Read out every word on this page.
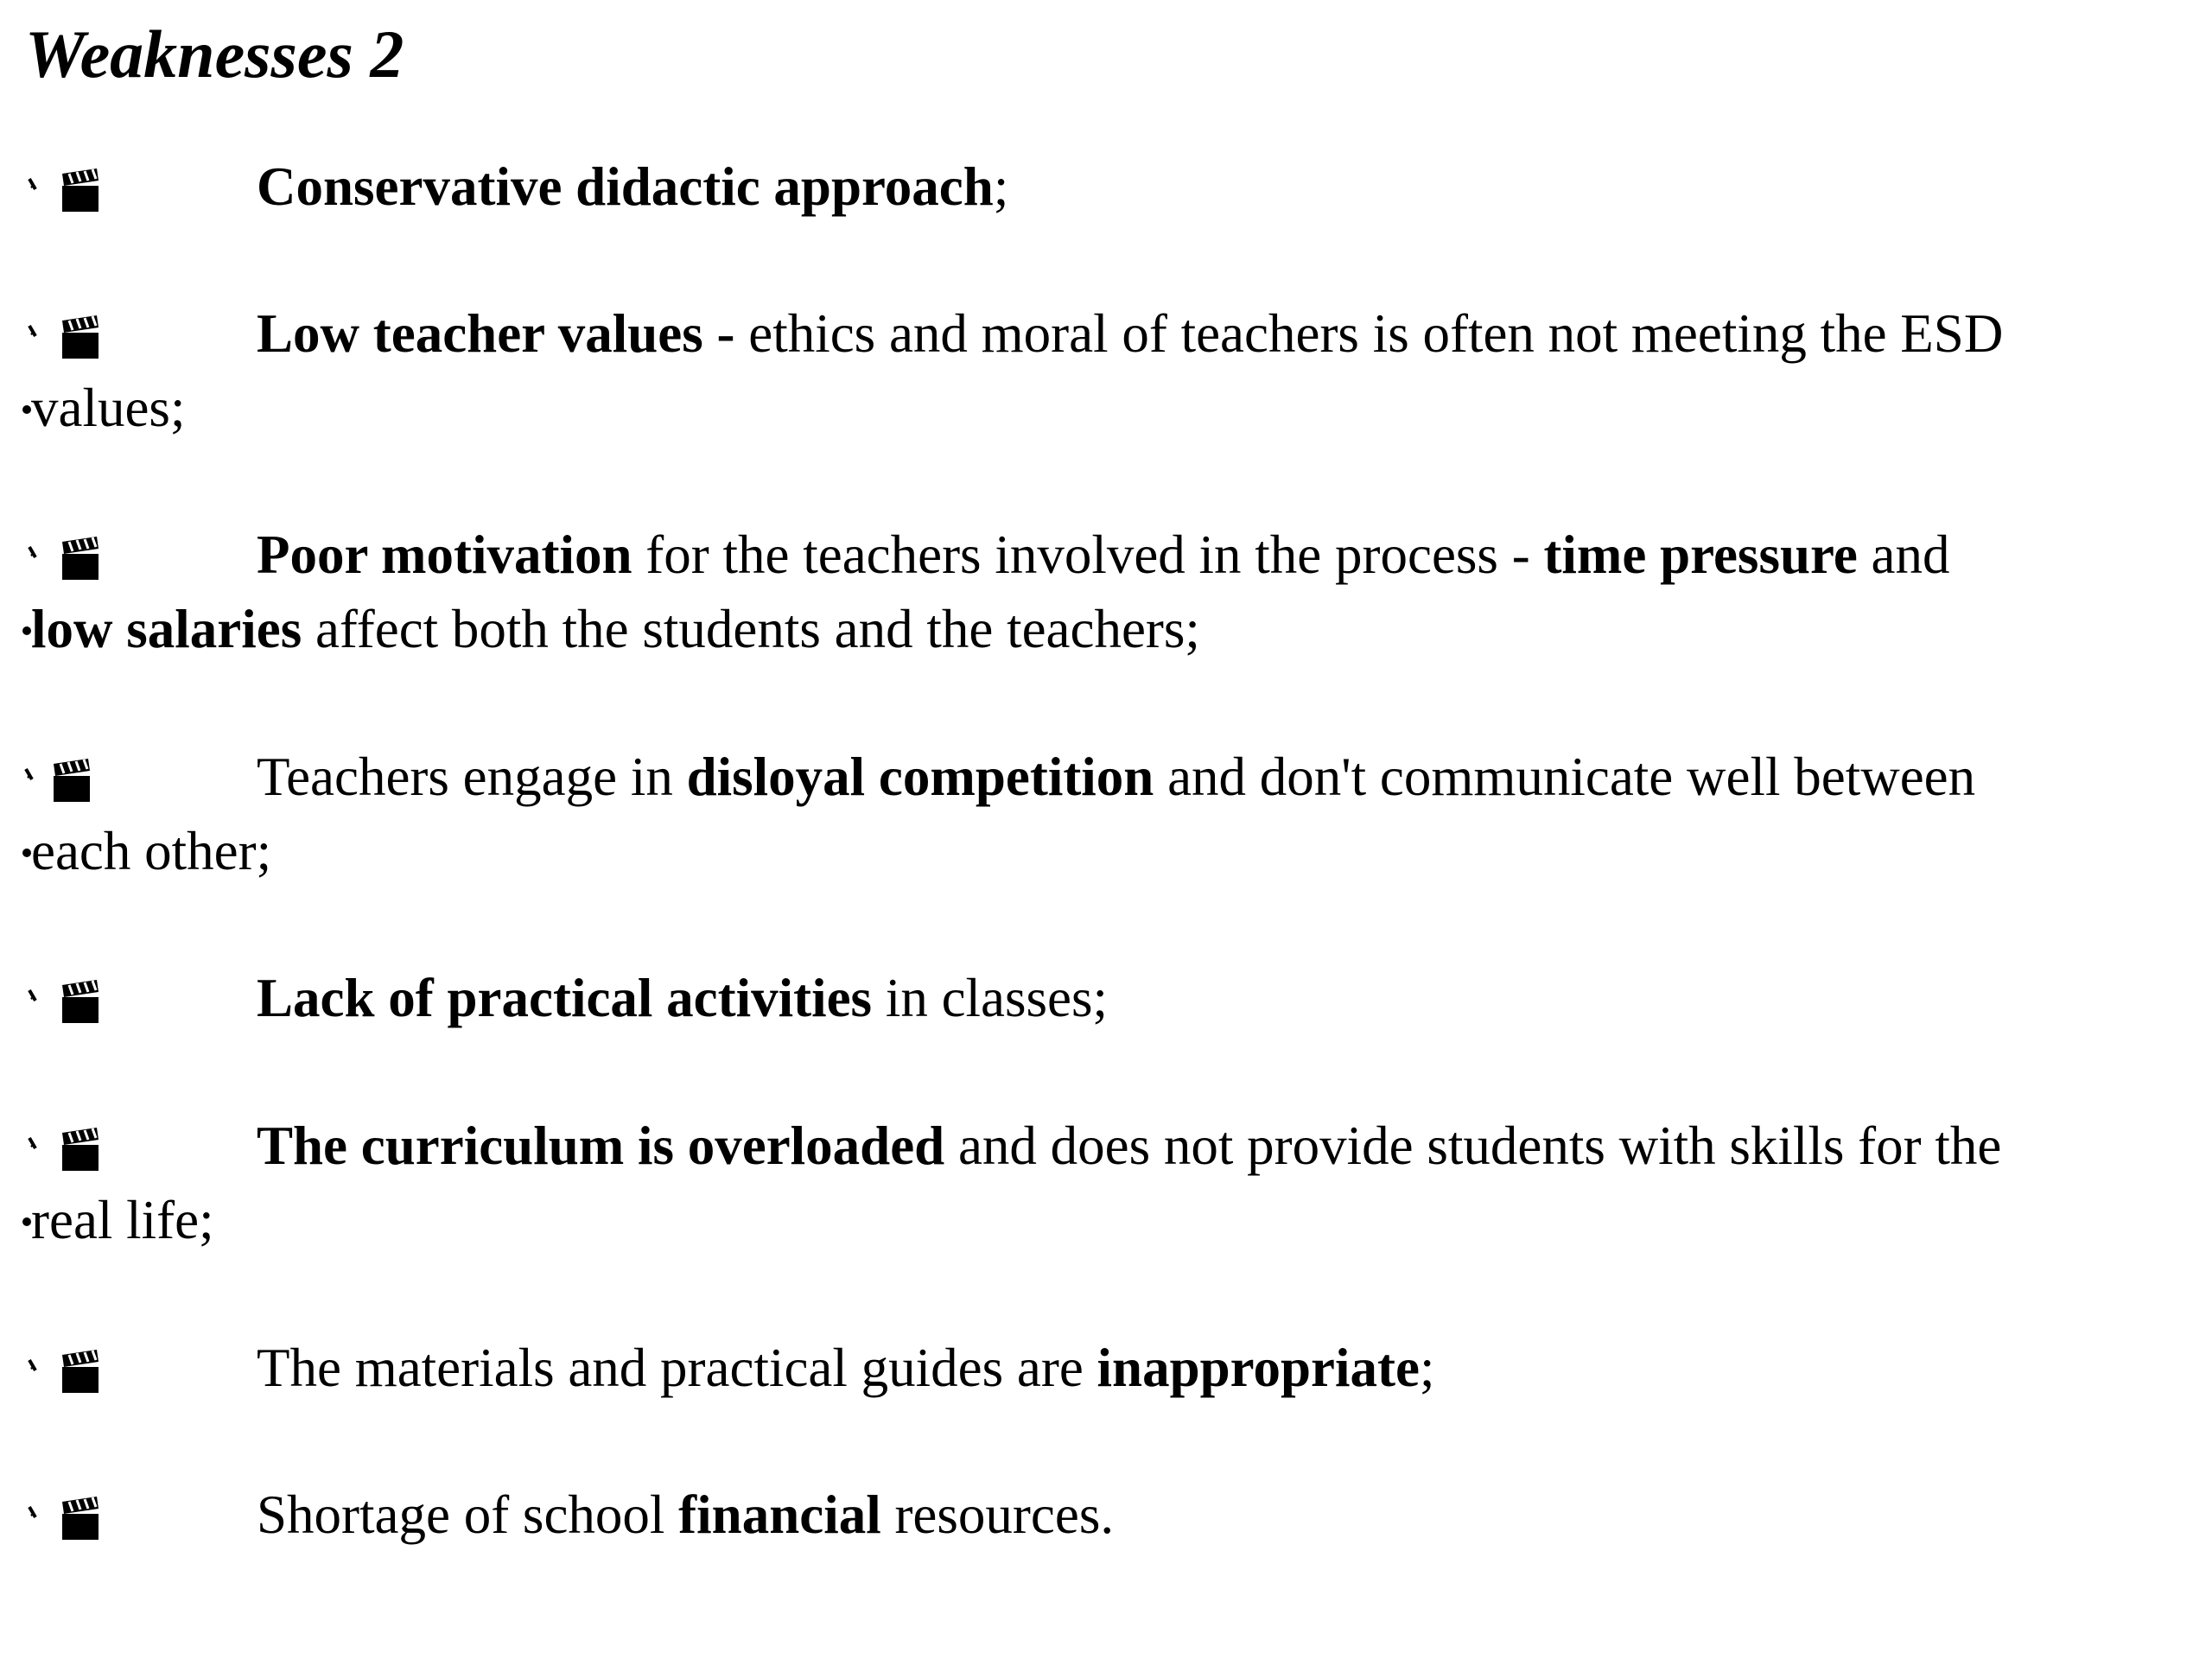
Weaknesses 2
Conservative didactic approach;
Low teacher values - ethics and moral of teachers is often not meeting the ESD
values;
Poor motivation for the teachers involved in the process - time pressure and
low salaries affect both the students and the teachers;
Teachers engage in disloyal competition and don't communicate well between
each other;
Lack of practical activities in classes;
The curriculum is overloaded and does not provide students with skills for the
real life;
The materials and practical guides are inappropriate;
Shortage of school financial resources.
